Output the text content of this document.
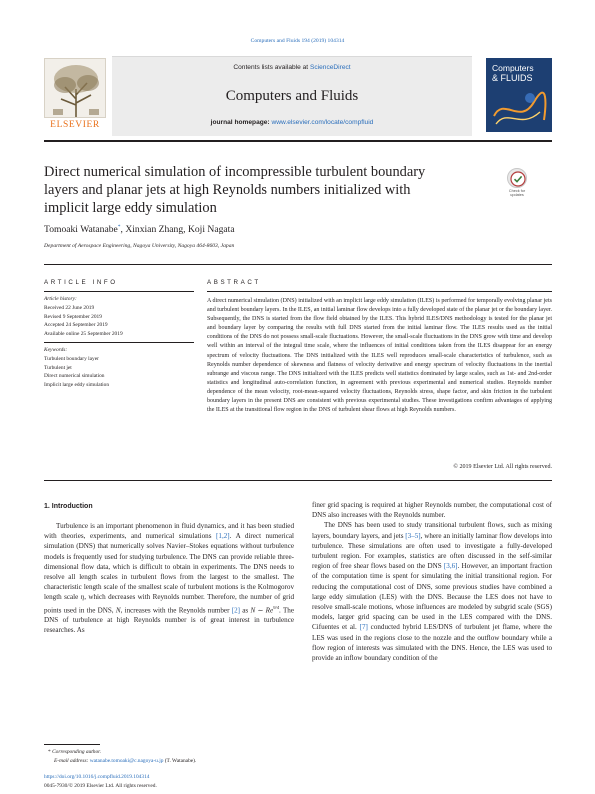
Computers and Fluids 194 (2019) 104314
ELSEVIER
Contents lists available at ScienceDirect
Computers and Fluids
journal homepage: www.elsevier.com/locate/compfluid
Computers
& FLUIDS
Direct numerical simulation of incompressible turbulent boundary layers and planar jets at high Reynolds numbers initialized with implicit large eddy simulation
Check for
updates
Tomoaki Watanabe*, Xinxian Zhang, Koji Nagata
Department of Aerospace Engineering, Nagoya University, Nagoya 464-8603, Japan
ARTICLE INFO	ABSTRACT
Article history:
Received 22 June 2019
Revised 9 September 2019
Accepted 24 September 2019
Available online 25 September 2019
Keywords:
Turbulent boundary layer
Turbulent jet
Direct numerical simulation
Implicit large eddy simulation
A direct numerical simulation (DNS) initialized with an implicit large eddy simulation (ILES) is performed for temporally evolving planar jets and turbulent boundary layers. In the ILES, an initial laminar flow develops into a fully developed state of the planar jet or the boundary layer. Subsequently, the DNS is started from the flow field obtained by the ILES. This hybrid ILES/DNS methodology is tested for the planar jet and boundary layer by comparing the results with full DNS started from the initial laminar flow. The ILES results used as the initial conditions of the DNS do not possess small-scale fluctuations. However, the small-scale fluctuations in the DNS grow with time and develop well within an interval of the integral time scale, where the influences of initial conditions taken from the ILES disappear for an energy spectrum of velocity fluctuations. The DNS initialized with the ILES well reproduces small-scale characteristics of turbulence, such as Reynolds number dependence of skewness and flatness of velocity derivative and energy spectrum of velocity fluctuations in the inertial subrange and viscous range. The DNS initialized with the ILES predicts well statistics dominated by large scales, such as 1st- and 2nd-order statistics and longitudinal auto-correlation function, in agreement with previous experimental and numerical studies. Reynolds number dependence of the mean velocity, root-mean-squared velocity fluctuations, Reynolds stress, shape factor, and skin friction in the turbulent boundary layers in the present DNS are consistent with previous experimental studies. These investigations confirm advantages of applying the ILES at the transitional flow region in the DNS of turbulent shear flows at high Reynolds numbers.
© 2019 Elsevier Ltd. All rights reserved.
1. Introduction

Turbulence is an important phenomenon in fluid dynamics, and it has been studied with theories, experiments, and numerical simulations [1,2]. A direct numerical simulation (DNS) that numerically solves Navier–Stokes equations without turbulence models is frequently used for studying turbulence. The DNS can provide reliable three-dimensional flow data, which is difficult to obtain in experiments. The DNS needs to resolve all length scales in turbulent flows from the largest to the smallest. The characteristic length scale of the smallest scale of turbulent motions is the Kolmogorov length scale η, which decreases with Reynolds number. Therefore, the number of grid points used in the DNS, N, increases with the Reynolds number [2] as N ∼ $Re^{9/4}$. The DNS of turbulence at high Reynolds number is of great interest in turbulence researches. As

finer grid spacing is required at higher Reynolds number, the computational cost of DNS also increases with the Reynolds number.

The DNS has been used to study transitional turbulent flows, such as mixing layers, boundary layers, and jets [3–5], where an initially laminar flow develops into turbulence. These simulations are often used to investigate a fully-developed turbulent region. For examples, statistics are often discussed in the self-similar region of free shear flows based on the DNS [3,6]. However, an important fraction of the computation time is spent for simulating the initial transitional region. For reducing the computational cost of DNS, some previous studies have combined a large eddy simulation (LES) with the DNS. Because the LES does not have to resolve small-scale motions, whose influences are modeled by subgrid scale (SGS) models, larger grid spacing can be used in the LES compared with the DNS. Cifuentes et al. [7] conducted hybrid LES/DNS of turbulent jet flame, where the LES was used in the regions close to the nozzle and the outflow boundary while a flow region of interests was simulated with the DNS. Hence, the LES was used to provide an inflow boundary condition of the

* Corresponding author.
E-mail address: watanabe.tomoaki@c.nagoya-u.jp (T. Watanabe).
https://doi.org/10.1016/j.compfluid.2019.104314
0045-7930/© 2019 Elsevier Ltd. All rights reserved.
